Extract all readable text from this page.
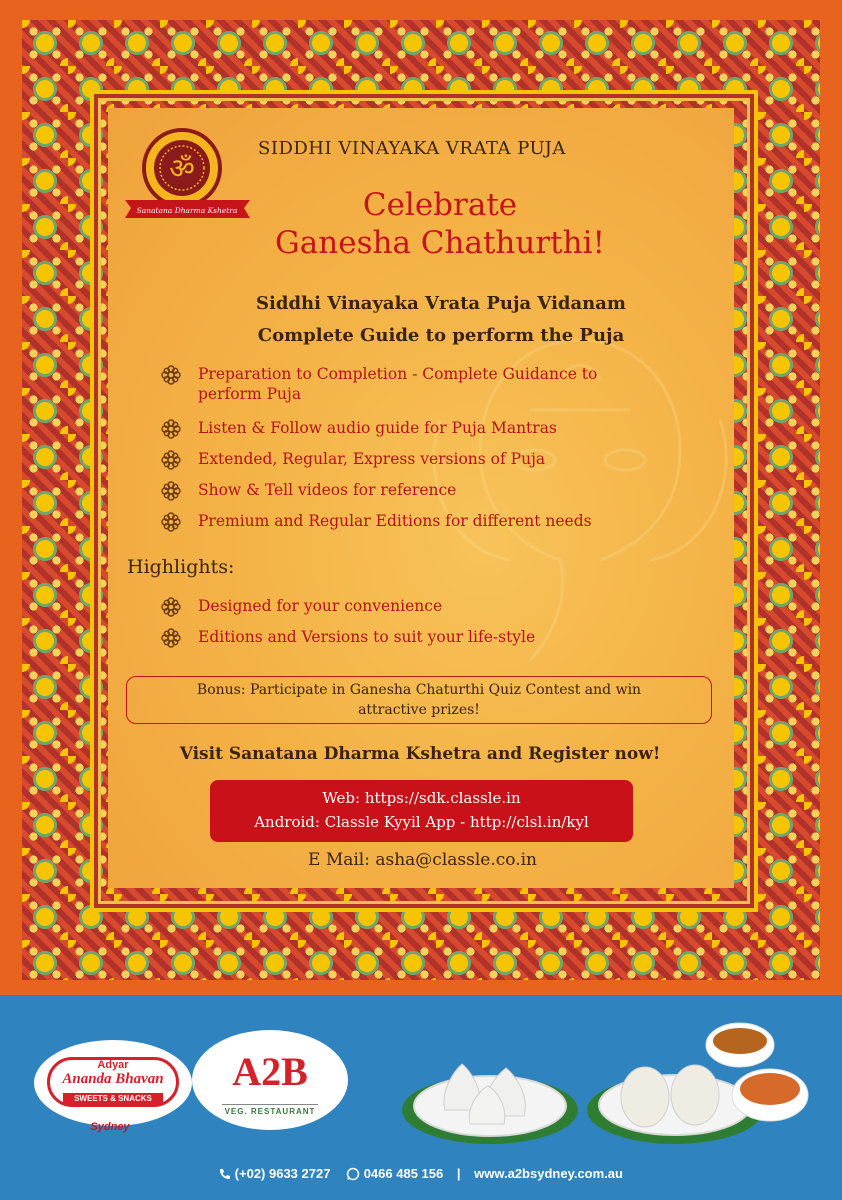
ॐ
Sanatana Dharma Kshetra
SIDDHI VINAYAKA VRATA PUJA
Celebrate
Ganesha Chathurthi!
Siddhi Vinayaka Vrata Puja Vidanam
Complete Guide to perform the Puja
Preparation to Completion - Complete Guidance to
perform Puja
Listen & Follow audio guide for Puja Mantras
Extended, Regular, Express versions of Puja
Show & Tell videos for reference
Premium and Regular Editions for different needs
Highlights:
Designed for your convenience
Editions and Versions to suit your life-style
Bonus: Participate in Ganesha Chaturthi Quiz Contest and win
attractive prizes!
Visit Sanatana Dharma Kshetra and Register now!
Web: https://sdk.classle.in
Android: Classle Kyyil App - http://clsl.in/kyl
E Mail: asha@classle.co.in
Adyar
Ananda Bhavan
SWEETS & SNACKS
Sydney
A2B
VEG. RESTAURANT
(+02) 9633 2727	0466 485 156 | www.a2bsydney.com.au
